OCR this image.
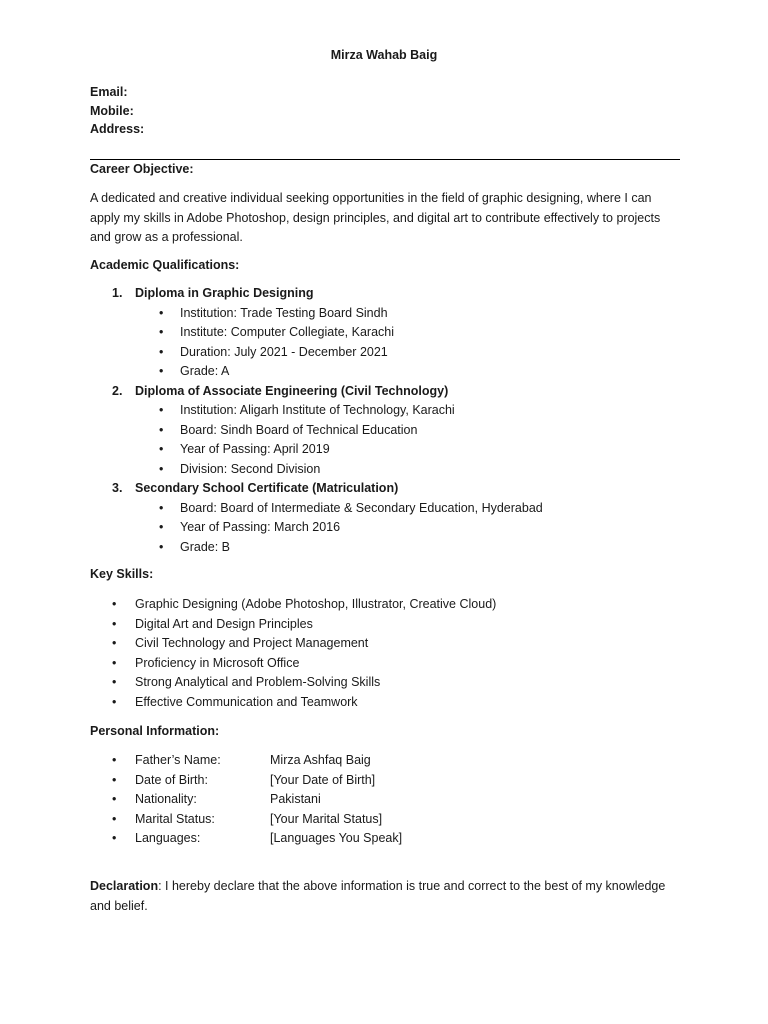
Mirza Wahab Baig
Email:
Mobile:
Address:
Career Objective:
A dedicated and creative individual seeking opportunities in the field of graphic designing, where I can
apply my skills in Adobe Photoshop, design principles, and digital art to contribute effectively to projects
and grow as a professional.
Academic Qualifications:
1. Diploma in Graphic Designing
• Institution: Trade Testing Board Sindh
• Institute: Computer Collegiate, Karachi
• Duration: July 2021 - December 2021
• Grade: A
2. Diploma of Associate Engineering (Civil Technology)
• Institution: Aligarh Institute of Technology, Karachi
• Board: Sindh Board of Technical Education
• Year of Passing: April 2019
• Division: Second Division
3. Secondary School Certificate (Matriculation)
• Board: Board of Intermediate & Secondary Education, Hyderabad
• Year of Passing: March 2016
• Grade: B
Key Skills:
• Graphic Designing (Adobe Photoshop, Illustrator, Creative Cloud)
• Digital Art and Design Principles
• Civil Technology and Project Management
• Proficiency in Microsoft Office
• Strong Analytical and Problem-Solving Skills
• Effective Communication and Teamwork
Personal Information:
• Father’s Name:	Mirza Ashfaq Baig
• Date of Birth:	[Your Date of Birth]
• Nationality:	Pakistani
• Marital Status:	[Your Marital Status]
• Languages:	[Languages You Speak]
Declaration: I hereby declare that the above information is true and correct to the best of my knowledge
and belief.
